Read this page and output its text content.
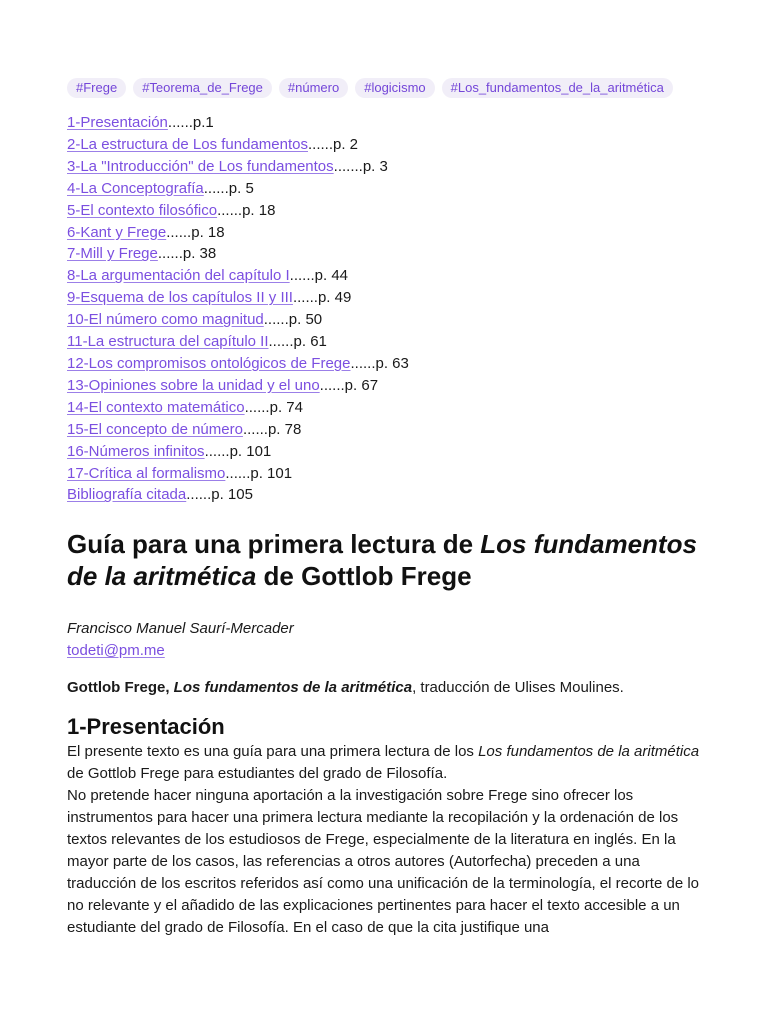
#Frege	#Teorema_de_Frege	#número	#logicismo	#Los_fundamentos_de_la_aritmética
1-Presentación......p.1
2-La estructura de Los fundamentos......p. 2
3-La "Introducción" de Los fundamentos.......p. 3
4-La Conceptografía......p. 5
5-El contexto filosófico......p. 18
6-Kant y Frege......p. 18
7-Mill y Frege......p. 38
8-La argumentación del capítulo I......p. 44
9-Esquema de los capítulos II y III......p. 49
10-El número como magnitud......p. 50
11-La estructura del capítulo II......p. 61
12-Los compromisos ontológicos de Frege......p. 63
13-Opiniones sobre la unidad y el uno......p. 67
14-El contexto matemático......p. 74
15-El concepto de número......p. 78
16-Números infinitos......p. 101
17-Crítica al formalismo......p. 101
Bibliografía citada......p. 105
Guía para una primera lectura de Los fundamentos de la aritmética de Gottlob Frege
Francisco Manuel Saurí-Mercader
todeti@pm.me
Gottlob Frege, Los fundamentos de la aritmética, traducción de Ulises Moulines.
1-Presentación

El presente texto es una guía para una primera lectura de los Los fundamentos de la aritmética de Gottlob Frege para estudiantes del grado de Filosofía.

No pretende hacer ninguna aportación a la investigación sobre Frege sino ofrecer los instrumentos para hacer una primera lectura mediante la recopilación y la ordenación de los textos relevantes de los estudiosos de Frege, especialmente de la literatura en inglés. En la mayor parte de los casos, las referencias a otros autores (Autorfecha) preceden a una traducción de los escritos referidos así como una unificación de la terminología, el recorte de lo no relevante y el añadido de las explicaciones pertinentes para hacer el texto accesible a un estudiante del grado de Filosofía. En el caso de que la cita justifique una
